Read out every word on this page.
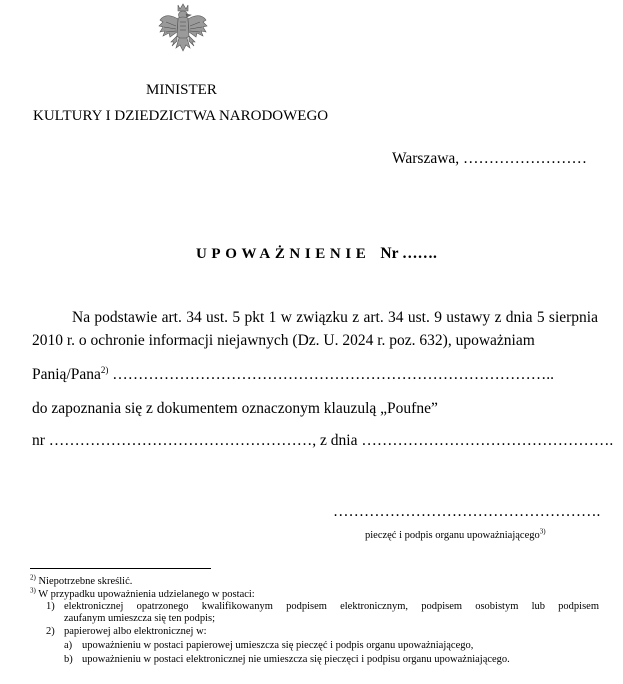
MINISTER
KULTURY I DZIEDZICTWA NARODOWEGO
Warszawa, ……………………
UPOWAŻNIENIE Nr …….
Na podstawie art. 34 ust. 5 pkt 1 w związku z art. 34 ust. 9 ustawy z dnia 5 sierpnia
2010 r. o ochronie informacji niejawnych (Dz. U. 2024 r. poz. 632), upoważniam
Panią/Pana$^{2)}$ …………………………………………………………………………..
do zapoznania się z dokumentem oznaczonym klauzulą „Poufne”
nr ……………………………………………, z dnia ………………………………………….
…………………………………………….
pieczęć i podpis organu upoważniającego$^{3)}$
$^{2)}$ Niepotrzebne skreślić.
$^{3)}$ W przypadku upoważnienia udzielanego w postaci:
1) elektronicznej opatrzonego kwalifikowanym podpisem elektronicznym, podpisem osobistym lub podpisem
zaufanym umieszcza się ten podpis;
2) papierowej albo elektronicznej w:
a) upoważnieniu w postaci papierowej umieszcza się pieczęć i podpis organu upoważniającego,
b) upoważnieniu w postaci elektronicznej nie umieszcza się pieczęci i podpisu organu upoważniającego.
